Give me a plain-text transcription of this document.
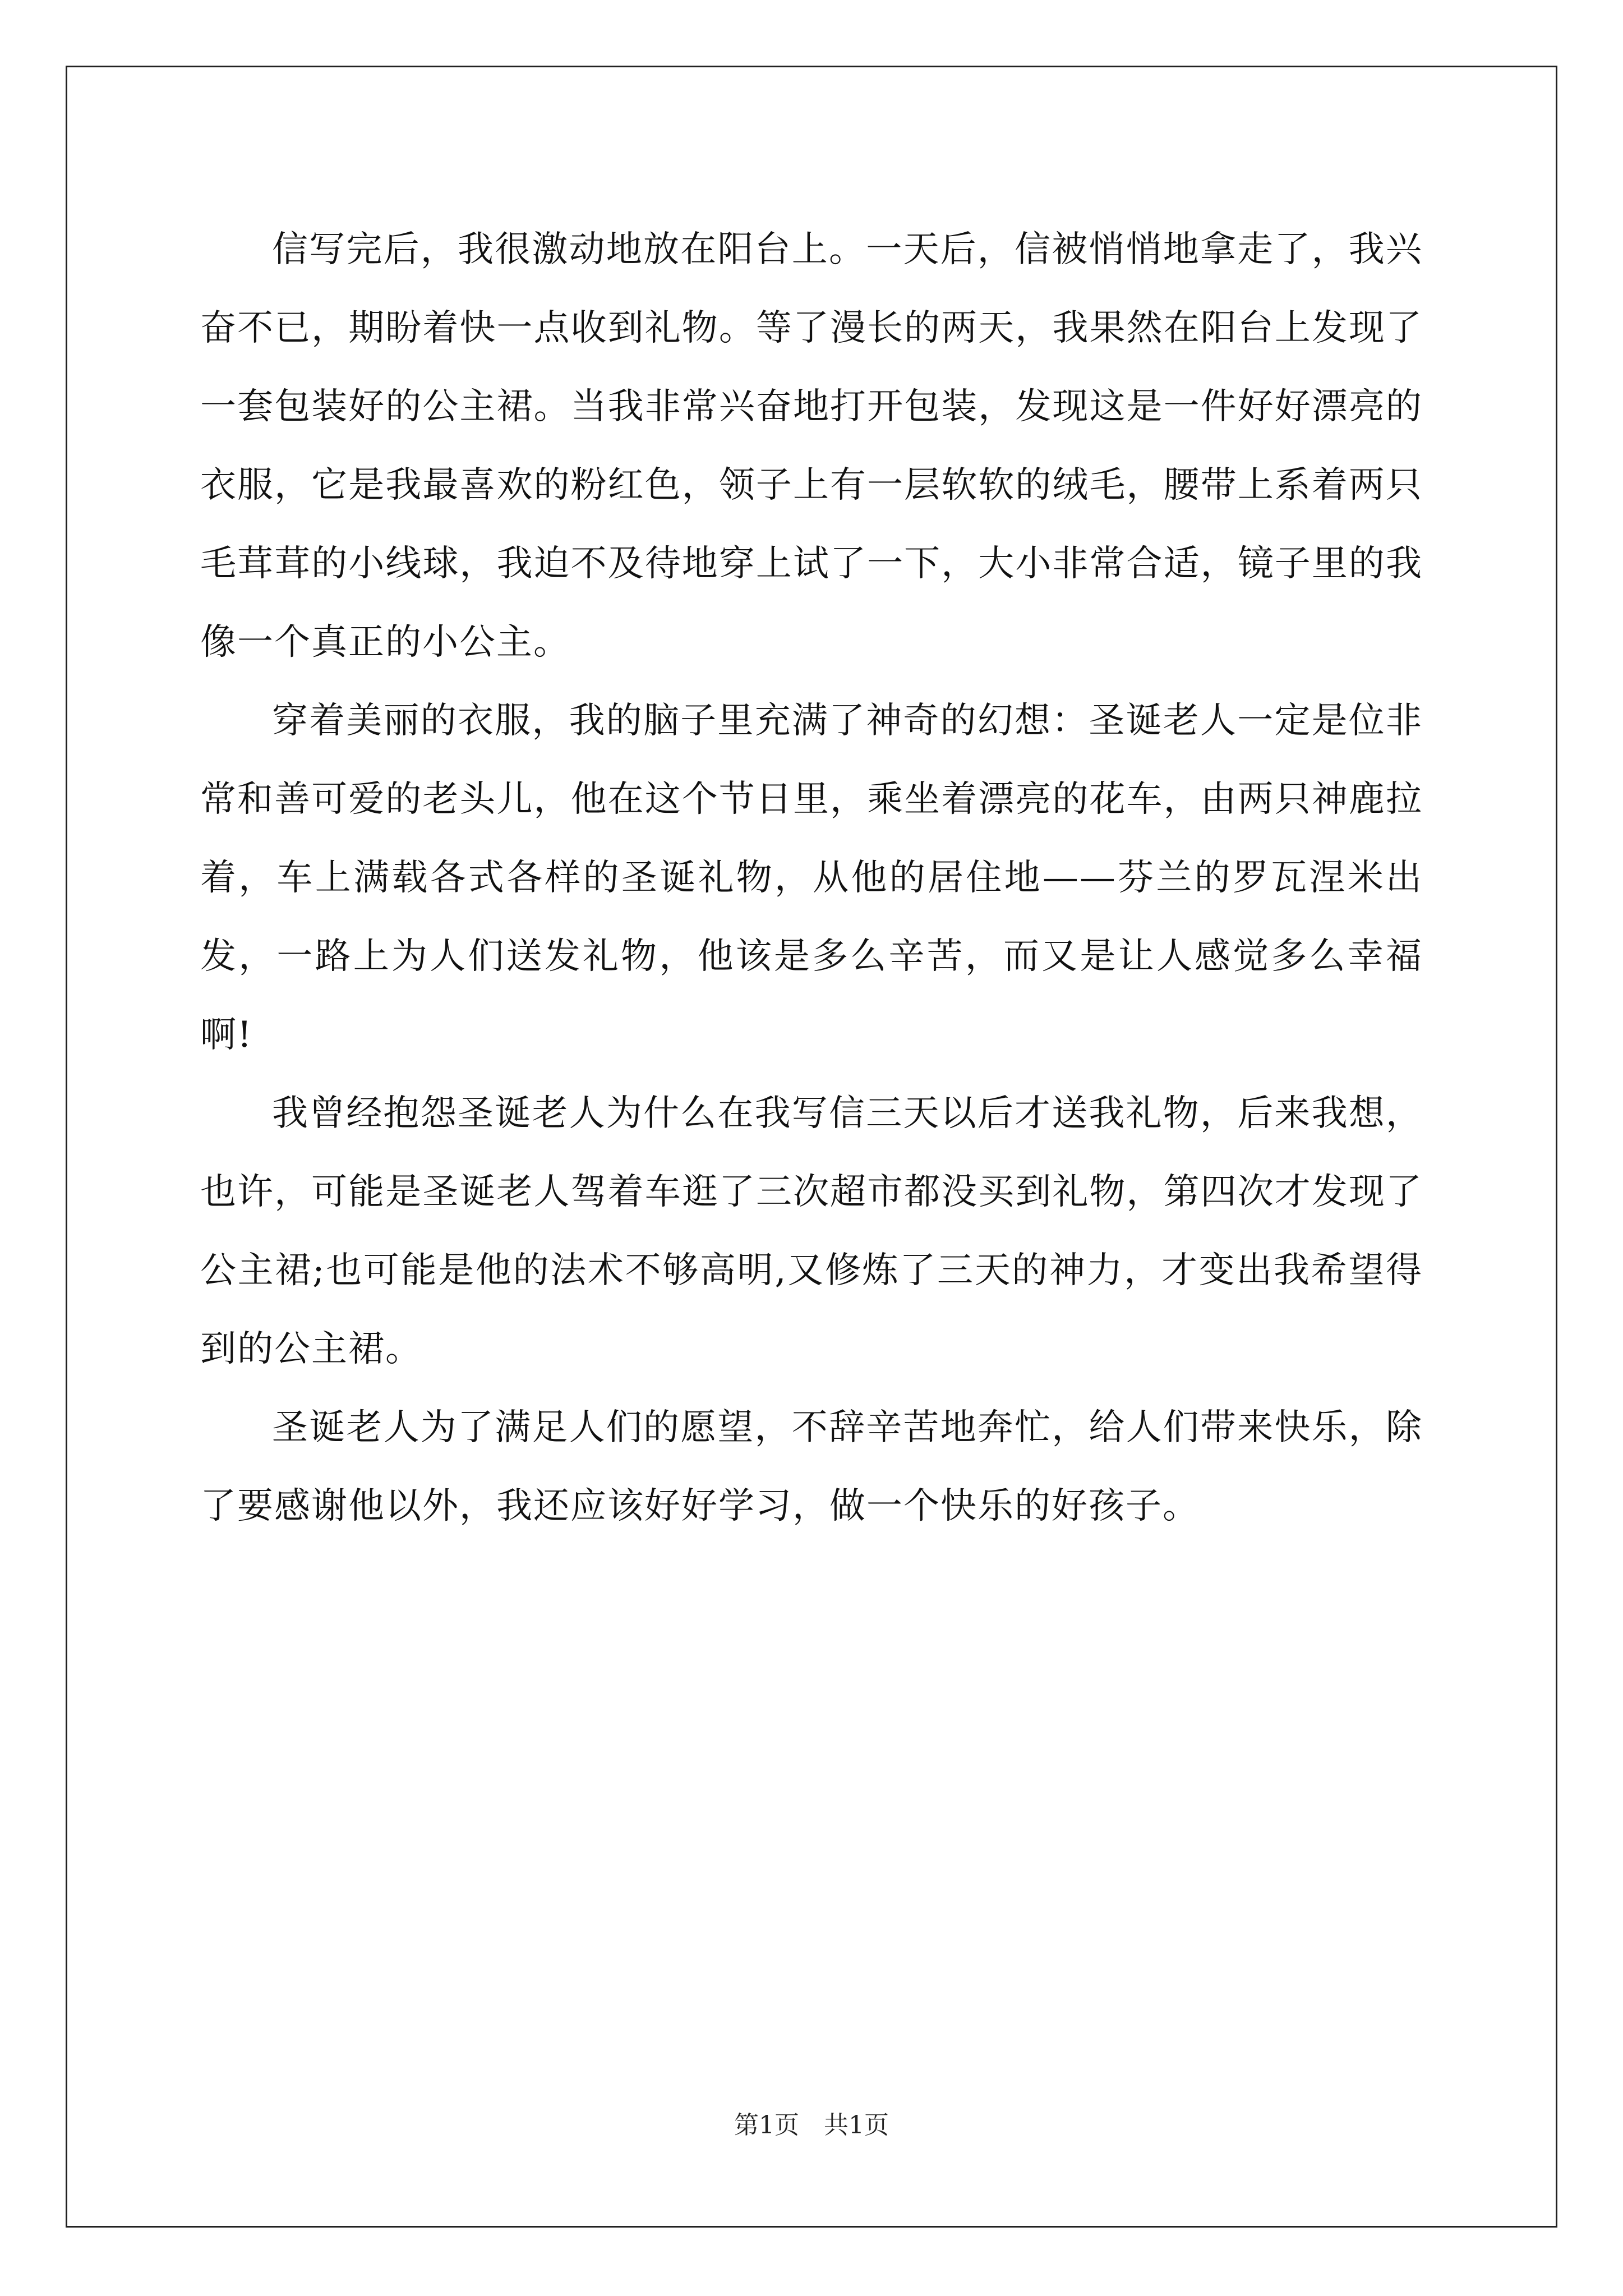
信写完后，我很激动地放在阳台上。一天后，信被悄悄地拿走了，我兴奋不已，期盼着快一点收到礼物。等了漫长的两天，我果然在阳台上发现了一套包装好的公主裙。当我非常兴奋地打开包装，发现这是一件好好漂亮的衣服，它是我最喜欢的粉红色，领子上有一层软软的绒毛，腰带上系着两只毛茸茸的小线球，我迫不及待地穿上试了一下，大小非常合适，镜子里的我像一个真正的小公主。

穿着美丽的衣服，我的脑子里充满了神奇的幻想：圣诞老人一定是位非常和善可爱的老头儿，他在这个节日里，乘坐着漂亮的花车，由两只神鹿拉着，车上满载各式各样的圣诞礼物，从他的居住地——芬兰的罗瓦涅米出发，一路上为人们送发礼物，他该是多么辛苦，而又是让人感觉多么幸福啊!

我曾经抱怨圣诞老人为什么在我写信三天以后才送我礼物，后来我想，也许，可能是圣诞老人驾着车逛了三次超市都没买到礼物，第四次才发现了公主裙;也可能是他的法术不够高明,又修炼了三天的神力，才变出我希望得到的公主裙。

圣诞老人为了满足人们的愿望，不辞辛苦地奔忙，给人们带来快乐，除了要感谢他以外，我还应该好好学习，做一个快乐的好孩子。

第1页　共1页
